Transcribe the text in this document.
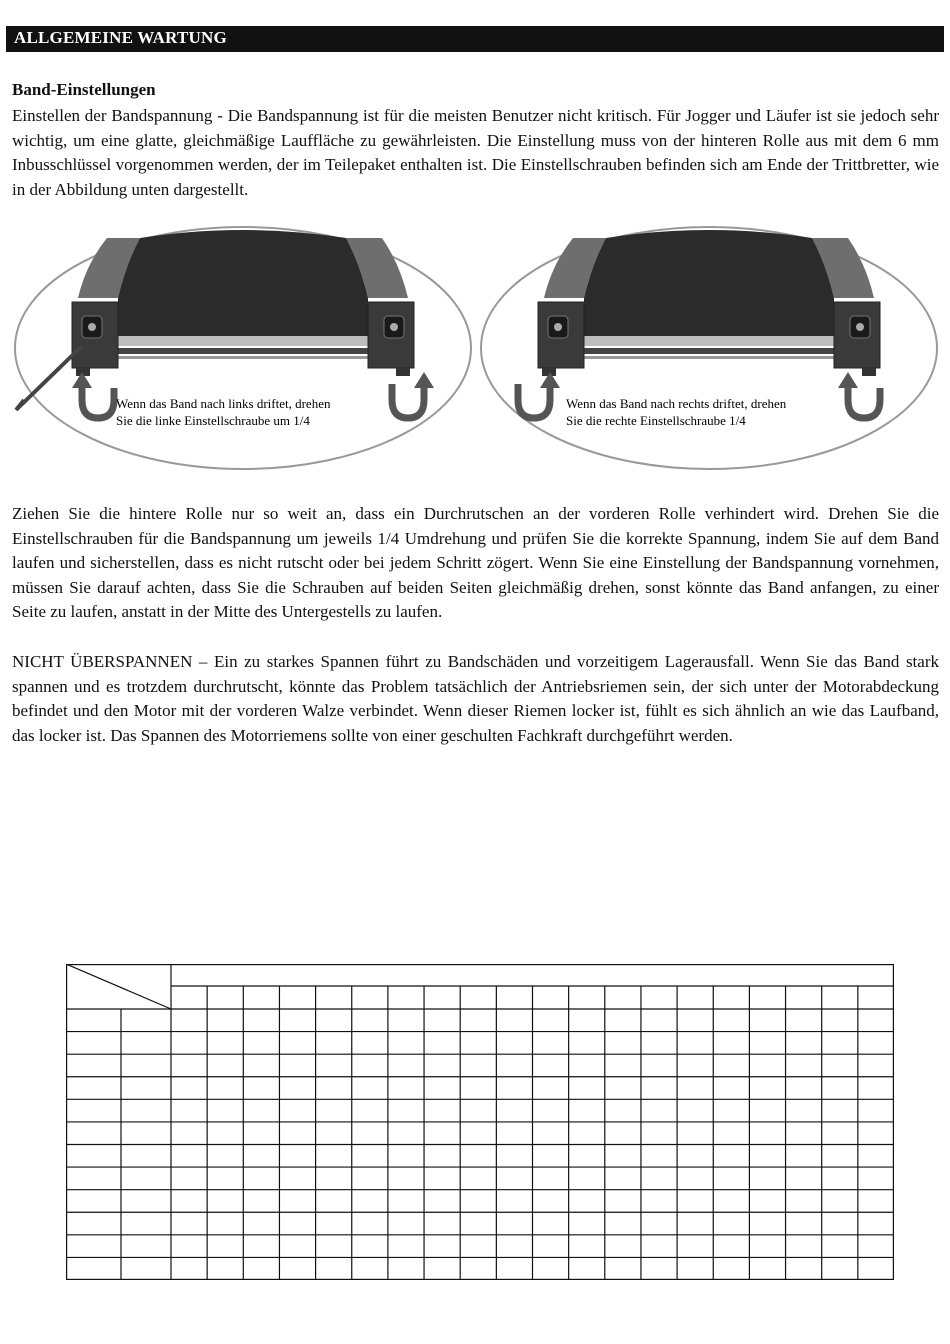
ALLGEMEINE WARTUNG
Band-Einstellungen

Einstellen der Bandspannung - Die Bandspannung ist für die meisten Benutzer nicht kritisch. Für Jogger und Läufer ist sie jedoch sehr wichtig, um eine glatte, gleichmäßige Lauffläche zu gewährleisten. Die Einstellung muss von der hinteren Rolle aus mit dem 6 mm Inbusschlüssel vorgenommen werden, der im Teilepaket enthalten ist. Die Einstellschrauben befinden sich am Ende der Trittbretter, wie in der Abbildung unten dargestellt.

Wenn das Band nach links driftet, drehen
Sie die linke Einstellschraube um 1/4
Wenn das Band nach rechts driftet, drehen
Sie die rechte Einstellschraube 1/4

Ziehen Sie die hintere Rolle nur so weit an, dass ein Durchrutschen an der vorderen Rolle verhindert wird. Drehen Sie die Einstellschrauben für die Bandspannung um jeweils 1/4 Umdrehung und prüfen Sie die korrekte Spannung, indem Sie auf dem Band laufen und sicherstellen, dass es nicht rutscht oder bei jedem Schritt zögert. Wenn Sie eine Einstellung der Bandspannung vornehmen, müssen Sie darauf achten, dass Sie die Schrauben auf beiden Seiten gleichmäßig drehen, sonst könnte das Band anfangen, zu einer Seite zu laufen, anstatt in der Mitte des Untergestells zu laufen.

NICHT ÜBERSPANNEN – Ein zu starkes Spannen führt zu Bandschäden und vorzeitigem Lagerausfall. Wenn Sie das Band stark spannen und es trotzdem durchrutscht, könnte das Problem tatsächlich der Antriebsriemen sein, der sich unter der Motorabdeckung befindet und den Motor mit der vorderen Walze verbindet. Wenn dieser Riemen locker ist, fühlt es sich ähnlich an wie das Laufband, das locker ist. Das Spannen des Motorriemens sollte von einer geschulten Fachkraft durchgeführt werden.
